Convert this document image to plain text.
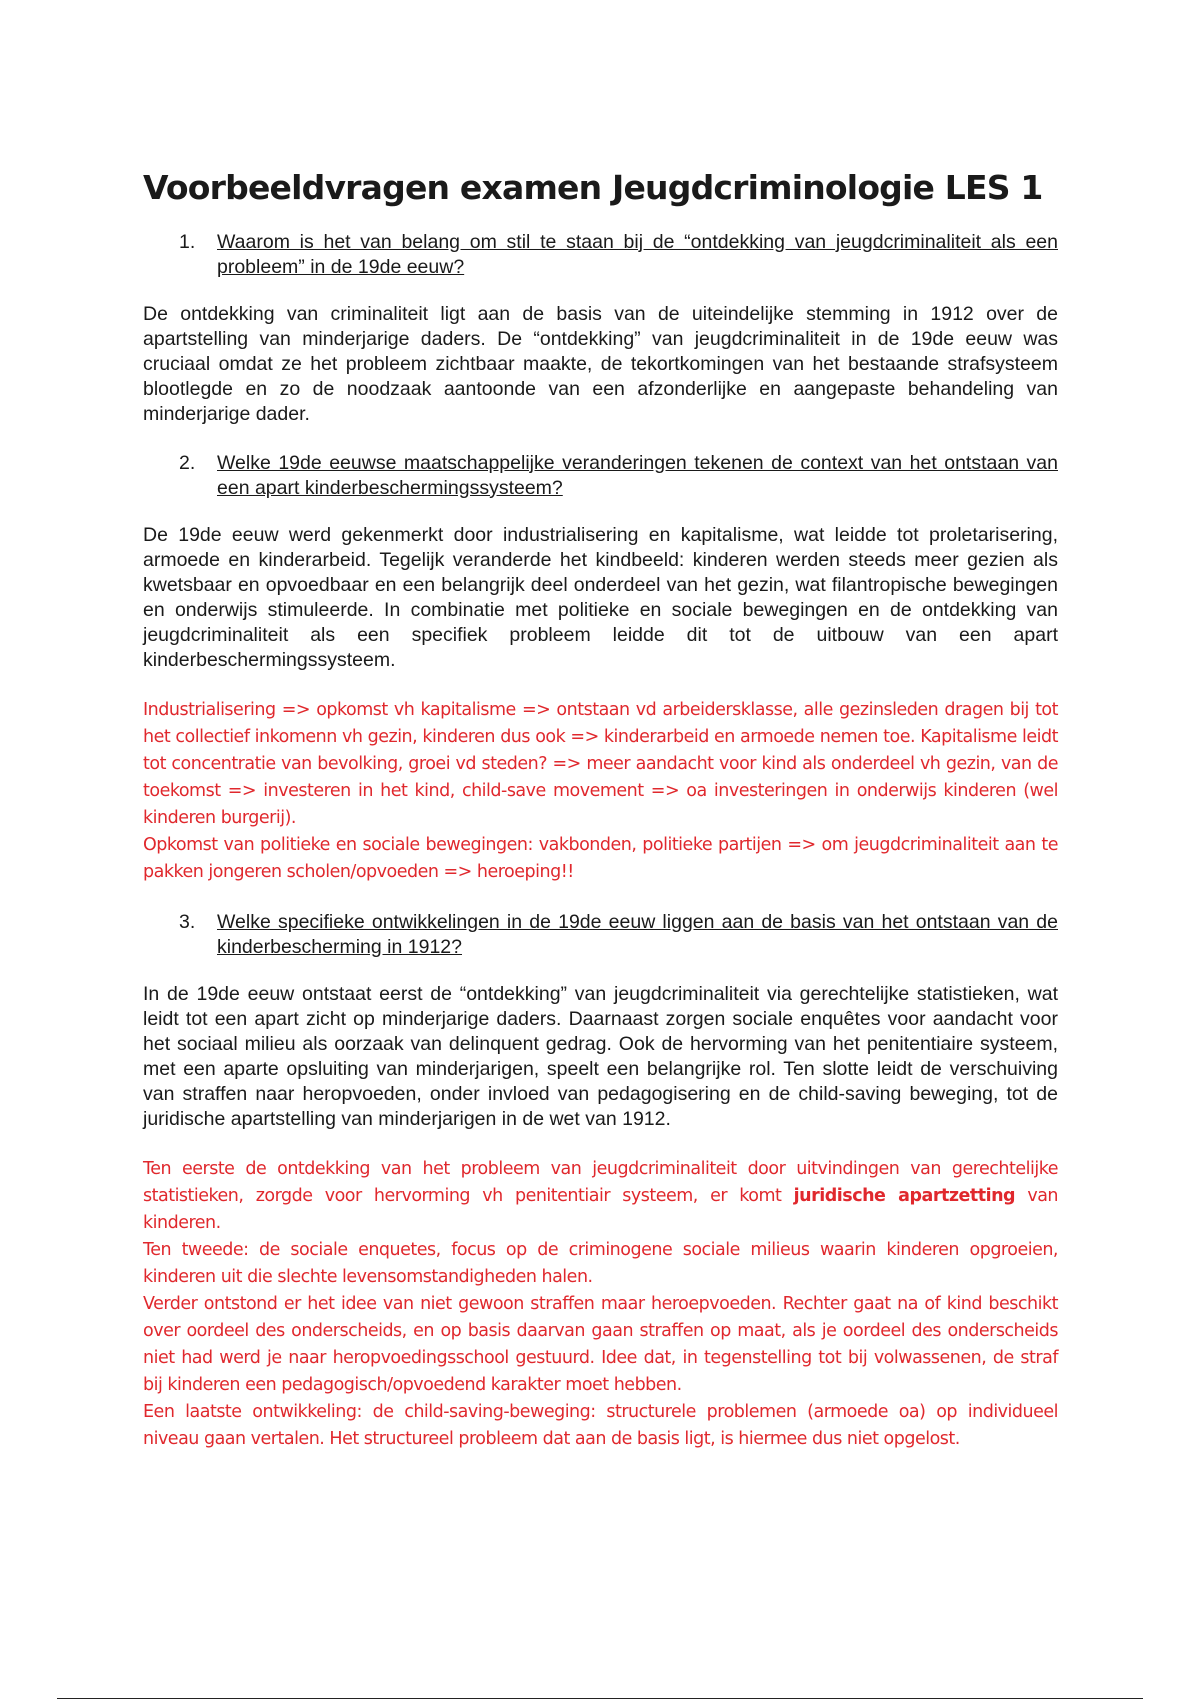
Voorbeeldvragen examen Jeugdcriminologie LES 1

1. Waarom is het van belang om stil te staan bij de “ontdekking van jeugdcriminaliteit als een probleem” in de 19de eeuw?

De ontdekking van criminaliteit ligt aan de basis van de uiteindelijke stemming in 1912 over de apartstelling van minderjarige daders. De “ontdekking” van jeugdcriminaliteit in de 19de eeuw was cruciaal omdat ze het probleem zichtbaar maakte, de tekortkomingen van het bestaande strafsysteem blootlegde en zo de noodzaak aantoonde van een afzonderlijke en aangepaste behandeling van minderjarige dader.

2. Welke 19de eeuwse maatschappelijke veranderingen tekenen de context van het ontstaan van een apart kinderbeschermingssysteem?

De 19de eeuw werd gekenmerkt door industrialisering en kapitalisme, wat leidde tot proletarisering, armoede en kinderarbeid. Tegelijk veranderde het kindbeeld: kinderen werden steeds meer gezien als kwetsbaar en opvoedbaar en een belangrijk deel onderdeel van het gezin, wat filantropische bewegingen en onderwijs stimuleerde. In combinatie met politieke en sociale bewegingen en de ontdekking van jeugdcriminaliteit als een specifiek probleem leidde dit tot de uitbouw van een apart kinderbeschermingssysteem.

Industrialisering => opkomst vh kapitalisme => ontstaan vd arbeidersklasse, alle gezinsleden dragen bij tot het collectief inkomenn vh gezin, kinderen dus ook => kinderarbeid en armoede nemen toe. Kapitalisme leidt tot concentratie van bevolking, groei vd steden? => meer aandacht voor kind als onderdeel vh gezin, van de toekomst => investeren in het kind, child-save movement => oa investeringen in onderwijs kinderen (wel kinderen burgerij).

Opkomst van politieke en sociale bewegingen: vakbonden, politieke partijen => om jeugdcriminaliteit aan te pakken jongeren scholen/opvoeden => heroeping!!

3. Welke specifieke ontwikkelingen in de 19de eeuw liggen aan de basis van het ontstaan van de kinderbescherming in 1912?

In de 19de eeuw ontstaat eerst de “ontdekking” van jeugdcriminaliteit via gerechtelijke statistieken, wat leidt tot een apart zicht op minderjarige daders. Daarnaast zorgen sociale enquêtes voor aandacht voor het sociaal milieu als oorzaak van delinquent gedrag. Ook de hervorming van het penitentiaire systeem, met een aparte opsluiting van minderjarigen, speelt een belangrijke rol. Ten slotte leidt de verschuiving van straffen naar heropvoeden, onder invloed van pedagogisering en de child-saving beweging, tot de juridische apartstelling van minderjarigen in de wet van 1912.

Ten eerste de ontdekking van het probleem van jeugdcriminaliteit door uitvindingen van gerechtelijke statistieken, zorgde voor hervorming vh penitentiair systeem, er komt juridische apartzetting van kinderen.

Ten tweede: de sociale enquetes, focus op de criminogene sociale milieus waarin kinderen opgroeien, kinderen uit die slechte levensomstandigheden halen.

Verder ontstond er het idee van niet gewoon straffen maar heroepvoeden. Rechter gaat na of kind beschikt over oordeel des onderscheids, en op basis daarvan gaan straffen op maat, als je oordeel des onderscheids niet had werd je naar heropvoedingsschool gestuurd. Idee dat, in tegenstelling tot bij volwassenen, de straf bij kinderen een pedagogisch/opvoedend karakter moet hebben.

Een laatste ontwikkeling: de child-saving-beweging: structurele problemen (armoede oa) op individueel niveau gaan vertalen. Het structureel probleem dat aan de basis ligt, is hiermee dus niet opgelost.
